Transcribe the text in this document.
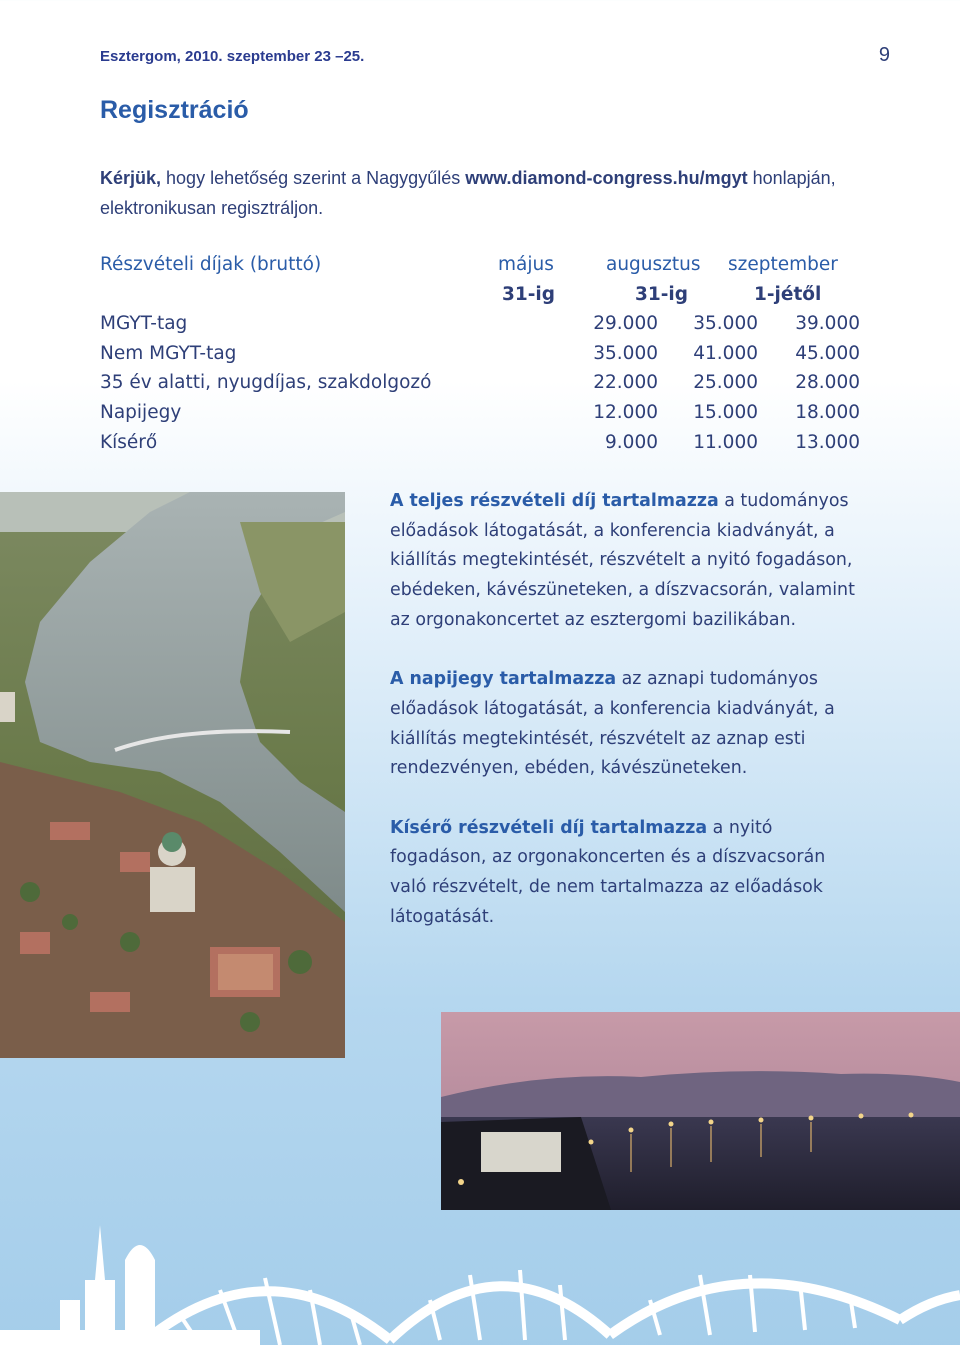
Esztergom, 2010. szeptember 23 –25.	9
Regisztráció
Kérjük, hogy lehetőség szerint a Nagygyűlés www.diamond-congress.hu/mgyt honlapján, elektronikusan regisztráljon.
Részvételi díjak (bruttó)	május	augusztus szeptember
31-ig	31-ig	1-jétől
MGYT-tag	29.000 35.000 39.000
Nem MGYT-tag	35.000 41.000 45.000
35 év alatti, nyugdíjas, szakdolgozó	22.000 25.000 28.000
Napijegy	12.000 15.000 18.000
Kísérő	9.000 11.000 13.000

A teljes részvételi díj tartalmazza a tudományos előadások látogatását, a konferencia kiadványát, a kiállítás megtekintését, részvételt a nyitó fogadáson, ebédeken, kávészüneteken, a díszvacsorán, valamint az orgonakoncertet az esztergomi bazilikában.

A napijegy tartalmazza az aznapi tudományos előadások látogatását, a konferencia kiadványát, a kiállítás megtekintését, részvételt az aznap esti rendezvényen, ebéden, kávészüneteken.

Kísérő részvételi díj tartalmazza a nyitó fogadáson, az orgonakoncerten és a díszvacsorán való részvételt, de nem tartalmazza az előadások látogatását.
